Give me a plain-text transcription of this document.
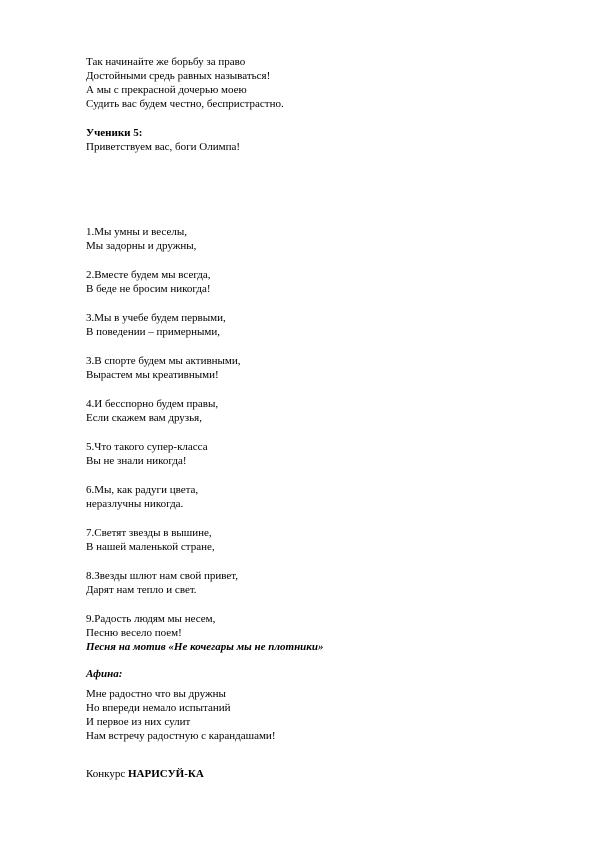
Так начинайте же борьбу за право
Достойными средь равных называться!
А мы с прекрасной дочерью моею
Судить вас будем честно, беспристрастно.
Ученики 5:
Приветствуем вас, боги Олимпа!
1.Мы умны и веселы,
Мы задорны и дружны,
2.Вместе будем мы всегда,
В беде не бросим никогда!
3.Мы в учебе будем первыми,
В поведении – примерными,
3.В спорте будем мы активными,
Вырастем мы креативными!
4.И бесспорно будем правы,
Если скажем вам друзья,
5.Что такого супер-класса
Вы не знали никогда!
6.Мы, как радуги цвета,
неразлучны никогда.
7.Светят звезды в вышине,
В нашей маленькой стране,
8.Звезды шлют нам свой привет,
Дарят нам тепло и свет.
9.Радость людям мы несем,
Песню весело поем!
Песня на мотив «Не кочегары мы не плотники»
Афина:
Мне радостно что вы дружны
Но впереди немало испытаний
И первое из них сулит
Нам встречу радостную с карандашами!
Конкурс НАРИСУЙ-КА
